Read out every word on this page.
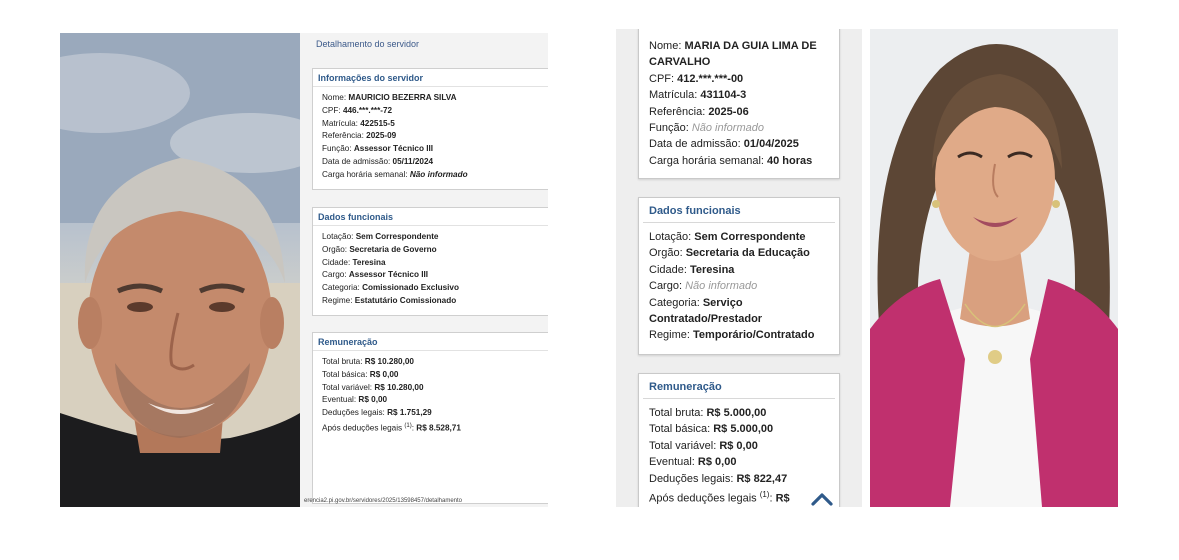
Detalhamento do servidor
Informações do servidor
Nome: MAURICIO BEZERRA SILVA
CPF: 446.***.***-72
Matrícula: 422515-5
Referência: 2025-09
Função: Assessor Técnico III
Data de admissão: 05/11/2024
Carga horária semanal: Não informado
Dados funcionais
Lotação: Sem Correspondente
Orgão: Secretaria de Governo
Cidade: Teresina
Cargo: Assessor Técnico III
Categoria: Comissionado Exclusivo
Regime: Estatutário Comissionado
Remuneração
Total bruta: R$ 10.280,00
Total básica: R$ 0,00
Total variável: R$ 10.280,00
Eventual: R$ 0,00
Deduções legais: R$ 1.751,29
Após deduções legais $^{(1)}$: R$ 8.528,71
erencia2.pi.gov.br/servidores/2025/13598457/detalhamento
Nome: MARIA DA GUIA LIMA DE CARVALHO
CPF: 412.***.***-00
Matrícula: 431104-3
Referência: 2025-06
Função: Não informado
Data de admissão: 01/04/2025
Carga horária semanal: 40 horas
Dados funcionais
Lotação: Sem Correspondente
Orgão: Secretaria da Educação
Cidade: Teresina
Cargo: Não informado
Categoria: Serviço Contratado/Prestador
Regime: Temporário/Contratado
Remuneração
Total bruta: R$ 5.000,00
Total básica: R$ 5.000,00
Total variável: R$ 0,00
Eventual: R$ 0,00
Deduções legais: R$ 822,47
Após deduções legais $^{(1)}$: R$
